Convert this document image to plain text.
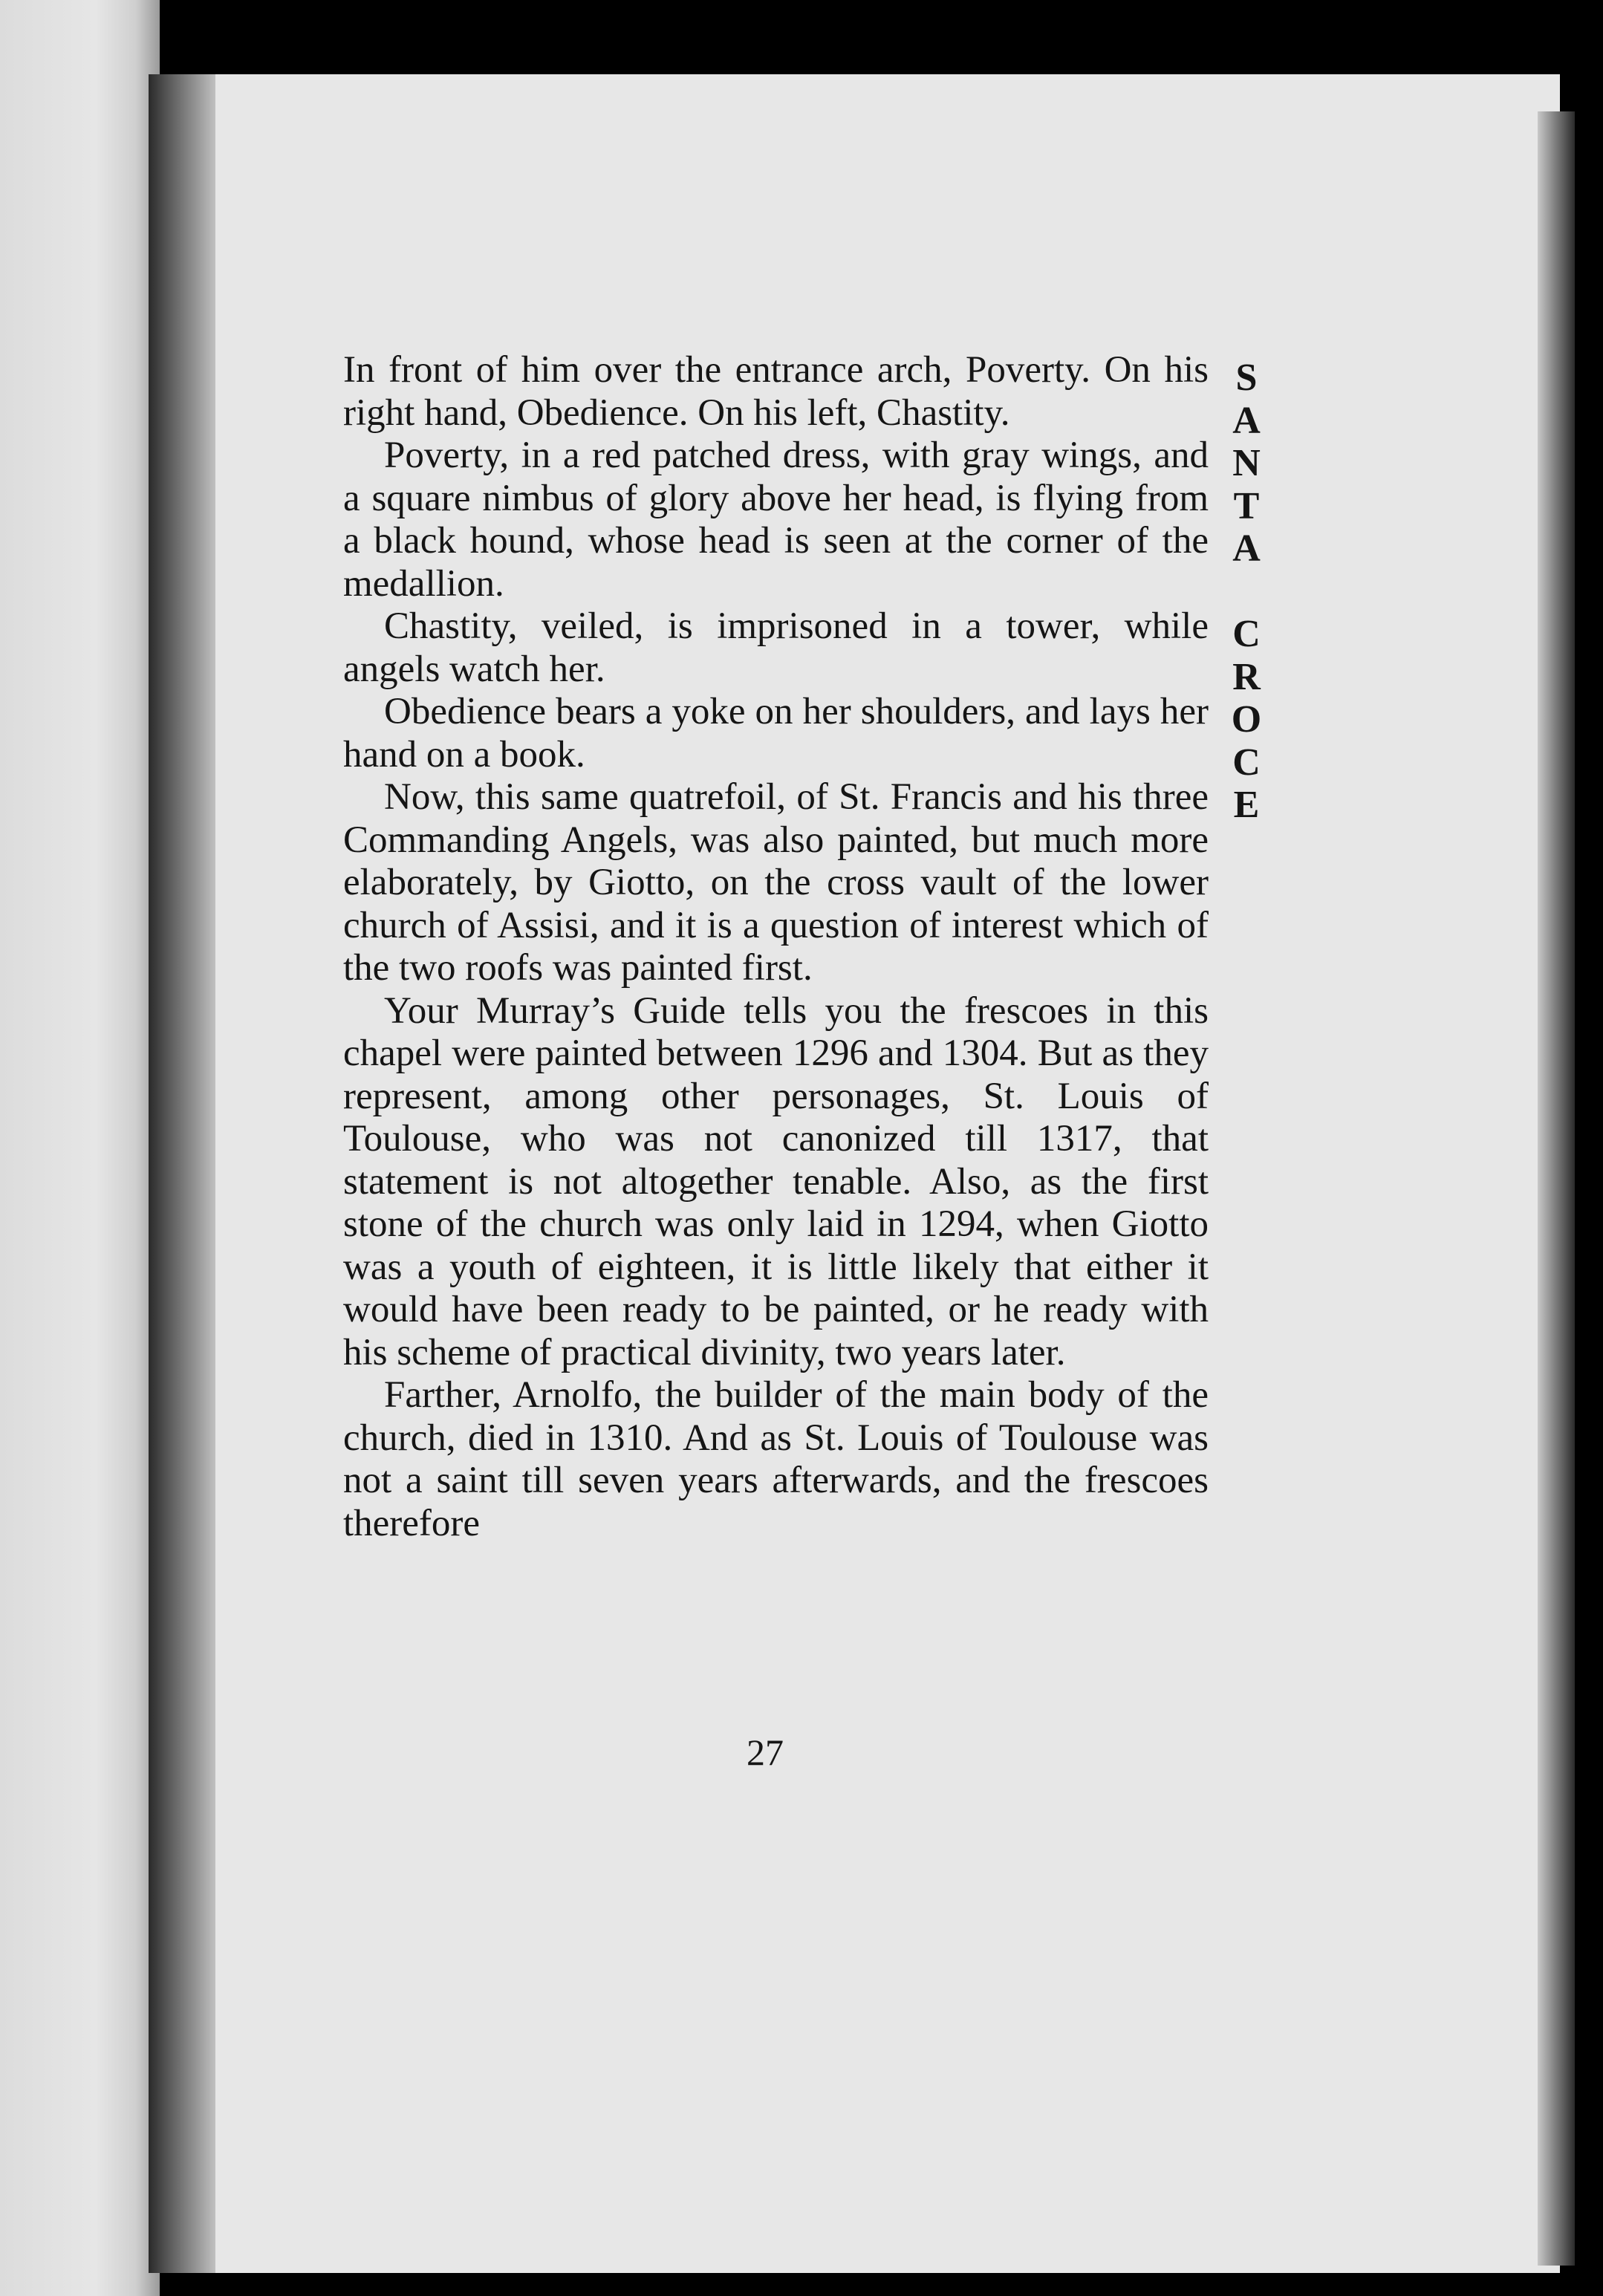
In front of him over the entrance arch, Poverty. On his right hand, Obedience. On his left, Chastity.

Poverty, in a red patched dress, with gray wings, and a square nimbus of glory above her head, is flying from a black hound, whose head is seen at the corner of the medallion.

Chastity, veiled, is imprisoned in a tower, while angels watch her.

Obedience bears a yoke on her shoulders, and lays her hand on a book.

Now, this same quatrefoil, of St. Francis and his three Commanding Angels, was also painted, but much more elaborately, by Giotto, on the cross vault of the lower church of Assisi, and it is a question of interest which of the two roofs was painted first.

Your Murray’s Guide tells you the frescoes in this chapel were painted between 1296 and 1304. But as they represent, among other personages, St. Louis of Toulouse, who was not canonized till 1317, that statement is not altogether tenable. Also, as the first stone of the church was only laid in 1294, when Giotto was a youth of eighteen, it is little likely that either it would have been ready to be painted, or he ready with his scheme of practical divinity, two years later.

Farther, Arnolfo, the builder of the main body of the church, died in 1310. And as St. Louis of Toulouse was not a saint till seven years afterwards, and the frescoes therefore

S
A
N
T
A
C
R
O
C
E
27
